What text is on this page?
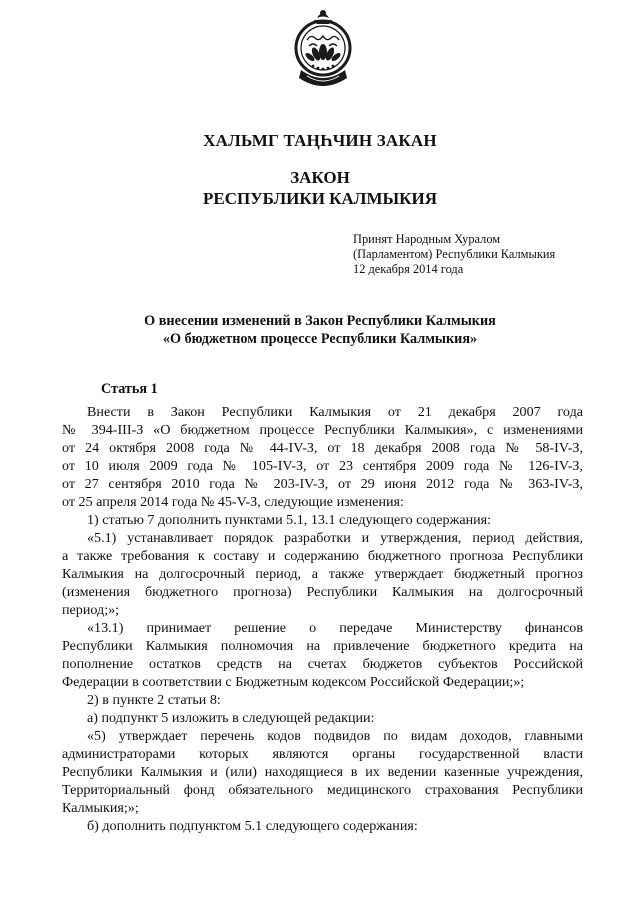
ХАЛЬМГ ТАҢҺЧИН ЗАКАН
ЗАКОН
РЕСПУБЛИКИ КАЛМЫКИЯ
Принят Народным Хуралом
(Парламентом) Республики Калмыкия
12 декабря 2014 года
О внесении изменений в Закон Республики Калмыкия
«О бюджетном процессе Республики Калмыкия»
Статья 1
Внести в Закон Республики Калмыкия от 21 декабря 2007 года
№ 394-III-З «О бюджетном процессе Республики Калмыкия», с изменениями
от 24 октября 2008 года № 44-IV-З, от 18 декабря 2008 года № 58-IV-З,
от 10 июля 2009 года № 105-IV-З, от 23 сентября 2009 года № 126-IV-З,
от 27 сентября 2010 года № 203-IV-З, от 29 июня 2012 года № 363-IV-З,
от 25 апреля 2014 года № 45-V-З, следующие изменения:
1) статью 7 дополнить пунктами 5.1, 13.1 следующего содержания:
«5.1) устанавливает порядок разработки и утверждения, период действия,
а также требования к составу и содержанию бюджетного прогноза Республики
Калмыкия на долгосрочный период, а также утверждает бюджетный прогноз
(изменения бюджетного прогноза) Республики Калмыкия на долгосрочный
период;»;
«13.1) принимает решение о передаче Министерству финансов
Республики Калмыкия полномочия на привлечение бюджетного кредита на
пополнение остатков средств на счетах бюджетов субъектов Российской
Федерации в соответствии с Бюджетным кодексом Российской Федерации;»;
2) в пункте 2 статьи 8:
а) подпункт 5 изложить в следующей редакции:
«5) утверждает перечень кодов подвидов по видам доходов, главными
администраторами которых являются органы государственной власти
Республики Калмыкия и (или) находящиеся в их ведении казенные учреждения,
Территориальный фонд обязательного медицинского страхования Республики
Калмыкия;»;
б) дополнить подпунктом 5.1 следующего содержания:
